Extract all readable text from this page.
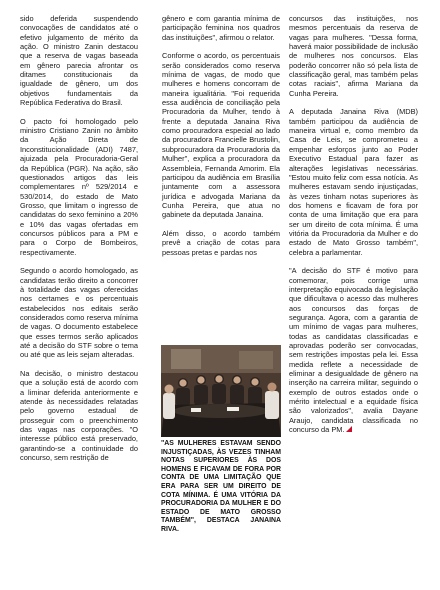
sido deferida suspendendo convocações de candidatos até o efetivo julgamento de mérito da ação. O ministro Zanin destacou que a reserva de vagas baseada em gênero parecia afrontar os ditames constitucionais da igualdade de gênero, um dos objetivos fundamentais da República Federativa do Brasil.

O pacto foi homologado pelo ministro Cristiano Zanin no âmbito da Ação Direta de Inconstitucionalidade (ADI) 7487, ajuizada pela Procuradoria-Geral da República (PGR). Na ação, são questionados artigos das leis complementares nº 529/2014 e 530/2014, do estado de Mato Grosso, que limitam o ingresso de candidatas do sexo feminino a 20% e 10% das vagas ofertadas em concursos públicos para a PM e para o Corpo de Bombeiros, respectivamente.

Segundo o acordo homologado, as candidatas terão direito a concorrer à totalidade das vagas oferecidas nos certames e os percentuais estabelecidos nos editais serão considerados como reserva mínima de vagas. O documento estabelece que esses termos serão aplicados até a decisão do STF sobre o tema ou até que as leis sejam alteradas.

Na decisão, o ministro destacou que a solução está de acordo com a liminar deferida anteriormente e atende às necessidades relatadas pelo governo estadual de prosseguir com o preenchimento das vagas nas corporações. "O interesse público está preservado, garantindo-se a continuidade do concurso, sem restrição de

gênero e com garantia mínima de participação feminina nos quadros das instituições", afirmou o relator.

Conforme o acordo, os percentuais serão considerados como reserva mínima de vagas, de modo que mulheres e homens concorram de maneira igualitária. "Foi requerida essa audiência de conciliação pela Procuradoria da Mulher, tendo à frente a deputada Janaina Riva como procuradora especial ao lado da procuradora Francielle Brustolin, subprocuradora da Procuradoria da Mulher", explica a procuradora da Assembleia, Fernanda Amorim. Ela participou da audiência em Brasília juntamente com a assessora jurídica e advogada Mariana da Cunha Pereira, que atua no gabinete da deputada Janaina.

Além disso, o acordo também prevê a criação de cotas para pessoas pretas e pardas nos

"AS MULHERES ESTAVAM SENDO INJUSTIÇADAS, ÀS VEZES TINHAM NOTAS SUPERIORES ÀS DOS HOMENS E FICAVAM DE FORA POR CONTA DE UMA LIMITAÇÃO QUE ERA PARA SER UM DIREITO DE COTA MÍNIMA. É UMA VITÓRIA DA PROCURADORIA DA MULHER E DO ESTADO DE MATO GROSSO TAMBÉM", DESTACA JANAINA RIVA.

concursos das instituições, nos mesmos percentuais da reserva de vagas para mulheres. "Dessa forma, haverá maior possibilidade de inclusão de mulheres nos concursos. Elas poderão concorrer não só pela lista de classificação geral, mas também pelas cotas raciais", afirma Mariana da Cunha Pereira.

A deputada Janaina Riva (MDB) também participou da audiência de maneira virtual e, como membro da Casa de Leis, se comprometeu a empenhar esforços junto ao Poder Executivo Estadual para fazer as alterações legislativas necessárias. "Estou muito feliz com essa notícia. As mulheres estavam sendo injustiçadas, às vezes tinham notas superiores às dos homens e ficavam de fora por conta de uma limitação que era para ser um direito de cota mínima. É uma vitória da Procuradoria da Mulher e do estado de Mato Grosso também", celebra a parlamentar.

"A decisão do STF é motivo para comemorar, pois corrige uma interpretação equivocada da legislação que dificultava o acesso das mulheres aos concursos das forças de segurança. Agora, com a garantia de um mínimo de vagas para mulheres, todas as candidatas classificadas e aprovadas poderão ser convocadas, sem restrições impostas pela lei. Essa medida reflete a necessidade de eliminar a desigualdade de gênero na inserção na carreira militar, seguindo o exemplo de outros estados onde o mérito intelectual e a equidade física são valorizados", avalia Dayane Araujo, candidata classificada no concurso da PM.
